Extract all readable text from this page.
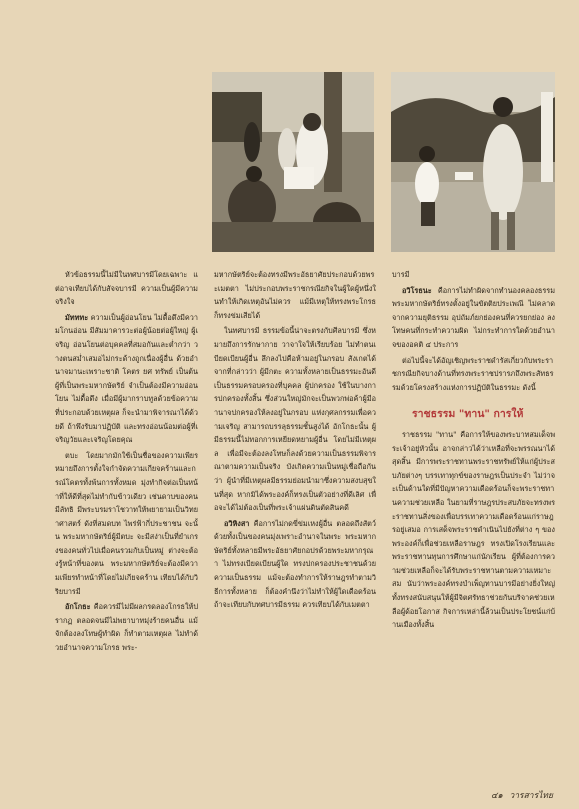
หัวข้อธรรมนี้ไม่มีในทศบารมีโดยเฉพาะ แต่อาจเทียบได้กับสัจจบารมี ความเป็นผู้มีความจริงใจ

มัทททะ ความเป็นผู้อ่อนโยน ไม่ดื้อดึงมีความโกนอ่อน มีสัมมาคารวะต่อผู้น้อยต่อผู้ใหญ่ ผู้เจริญ อ่อนโยนต่อบุคคลที่สมอกันและต่ำกว่า วางตนสม่ำเสมอไม่กระด้างถูกเนื่องผู้อื่น ด้วยอำนาจมานะเพราะชาติ โคตร ยศ ทรัพย์ เป็นต้น ผู้ที่เป็นพระมหากษัตริย์ จำเป็นต้องมีความอ่อนโยน ไม่ดื้อดึง เมื่อมีผู้มากราบทูลด้วยข้อความที่ประกอบด้วยเหตุผล ก็จะนำมาพิจารณาได้ด้วยดี ถ้าพึงรับมาปฏิบัติ และทรงอ่อนน้อมต่อผู้ที่เจริญวัยและเจริญโดยคุณ

ตบะ โดยมากมักใช้เป็นชื่อของความเพียร หมายถึงการตั้งใจกำจัดความเกียจคร้านและกรณ์โคตรทั้งพ้นการทั้งหมด มุ่งทำกิจต่อเป็นหน้าที่ให้ดีที่สุดไม่ทำกับข้าวเดียว เช่นดาบของคนมีลัทธิ มีพระบรมราโชวาทให้พยายามเป็นวิทยาศาสตร์ ดังที่สมดบท ไพร่ฟ้ากี่ประชาชน จะนั้น พระมหากษัตริย์ผู้มีตบะ จะมีสง่าเป็นที่ยำเกรงของคนทั่วไปเมื่อคนรวมกับเป็นหมู่ ต่างจะต้องรู้หน้าที่ของตน พระมหากษัตริย์จะต้องมีความเพียรทำหน้าที่โดยไม่เกียจคร้าน เทียบได้กับวิริยบารมี

อักโกธะ คือควรมีไม่มีผลกรดลองโกรธให้ปรากฏ ตลอดจนมีไม่พยาบาทมุ่งร้ายคนอื่น แม้จักต้องลงโทษผู้ทำผิด ก็ทำตามเหตุผล ไม่ทำด้วยอำนาจความโกรธ พระ-

มหากษัตริย์จะต้องทรงมีพระอัธยาศัยประกอบด้วยพระเมตตา ไม่ประกอบพระราชกรณียกิจในผู้ใดผู้หนึ่งในทำให้เกิดเหตุอันไม่ควร แม้มีเหตุให้ทรงพระโกรธ ก็ทรงข่มเสียได้

ในทศบารมี ธรรมข้อนี้น่าจะตรงกับศีลบารมี ซึ่งหมายถึงการรักษากาย วาจาใจให้เรียบร้อย ไม่ทำตนเบียดเบียนผู้อื่น ลึกลงไปคือห้ามอยู่ในกรอบ สังเกตได้จากที่กล่าวว่า ผู้มีกตะ ความทั้งหลายเป็นธรรมะอันดีเป็นธรรมครอบครองที่บุคคล ผู้ปกครอง ใช้ในบางการปกครองทั้งสิ้น ซึ่งส่วนใหญ่มักจะเป็นพวกพ่อค้าผู้มีอำนาจปกครองให้ลงอยู่ในกรอบ แห่งกุศลกรรมเพื่อความเจริญ สามารถบรรลุธรรมชั้นสูงได้ อักโกธะนั้น ผู้มีธรรมนี้ไม่ทอกการเหยียดหยามผู้อื่น โดยไม่มีเหตุผล เพื่อมีจะต้องลงโทษก็ลงด้วยความเป็นธรรมพิจารณาตามความเป็นจริง บังเกิดความเป็นหมู่เชื่อถือกันว่า ผู้นำที่มีเหตุผลมีธรรมย่อมนำมาซึ่งความสงบสุขในที่สุด หากมิได้พระองค์ก็ทรงเป็นตัวอย่างที่ดีเลิศ เพื่อจะได้ไม่ต้องเป็นที่พระเจ้าแผ่นดินตัดสินคดี

อวิหิงสา คือการไม่กดขี่ข่มเหงผู้อื่น ตลอดถึงสัตว์ด้วยทั้งเป็นของคนมุ่งเพราะอำนาจในพระ พระมหากษัตริย์ทั้งหลายมีพระอัธยาศัยกอปรด้วยพระมหากรุณา ไม่ทรงเบียดเบียนผู้ใด ทรงปกครองประชาชนด้วยความเป็นธรรม แม้จะต้องทำการให้ราษฎรทำตามวิธีการทั้งหลาย ก็ต้องคำนึงว่าไม่ทำให้ผู้ใดเดือดร้อน ถ้าจะเทียบกับทศบารมีธรรม ควรเทียบได้กับเมตตา

บารมี

อวิโรธนะ คือการไม่ทำผิดจากทำนองคลองธรรม พระมหากษัตริย์ทรงตั้งอยู่ในขัตติยประเพณี ไม่คลาดจากความยุติธรรม อุปถัมภ์ยกย่องคนที่ควรยกย่อง ลงโทษคนที่กระทำความผิด ไม่กระทำการใดด้วยอำนาจของอคติ ๔ ประการ

ต่อไปนี้จะได้อัญเชิญพระราชดำรัสเกี่ยวกับพระราชกรณียกิจบางด้านที่ทรงพระราชปรารภถึงพระสัทธรรมด้วยโครงสร้างแห่งการปฏิบัติในธรรมะ ดังนี้

ราชธรรม "ทาน" การให้

ราชธรรม "ทาน" คือการให้ของพระบาทสมเด็จพระเจ้าอยู่หัวนั้น อาจกล่าวได้ว่าเหลือที่จะพรรณนาได้สุดสิ้น มีการพระราชทานพระราชทรัพย์ให้แก่ผู้ประสบภัยต่างๆ บรรเทาทุกข์ของราษฎรเป็นประจำ ไม่ว่าจะเป็นด้านใดที่มีปัญหาความเดือดร้อนก็จะพระราชทานความช่วยเหลือ ในยามที่ราษฎรประสบภัยจะทรงพระราชทานสิ่งของเพื่อบรรเทาความเดือดร้อนแก่ราษฎรอยู่เสมอ การเสด็จพระราชดำเนินไปยังที่ต่าง ๆ ของพระองค์ก็เพื่อช่วยเหลือราษฎร ทรงเปิดโรงเรียนและพระราชทานทุนการศึกษาแก่นักเรียน ผู้ที่ต้องการความช่วยเหลือก็จะได้รับพระราชทานตามความเหมาะสม นับว่าพระองค์ทรงบำเพ็ญทานบารมีอย่างยิ่งใหญ่ ทั้งทรงสนับสนุนให้ผู้มีจิตศรัทธาช่วยกันบริจาคช่วยเหลือผู้ด้อยโอกาส กิจการเหล่านี้ล้วนเป็นประโยชน์แก่บ้านเมืองทั้งสิ้น

๔๑ วารสารไทย
